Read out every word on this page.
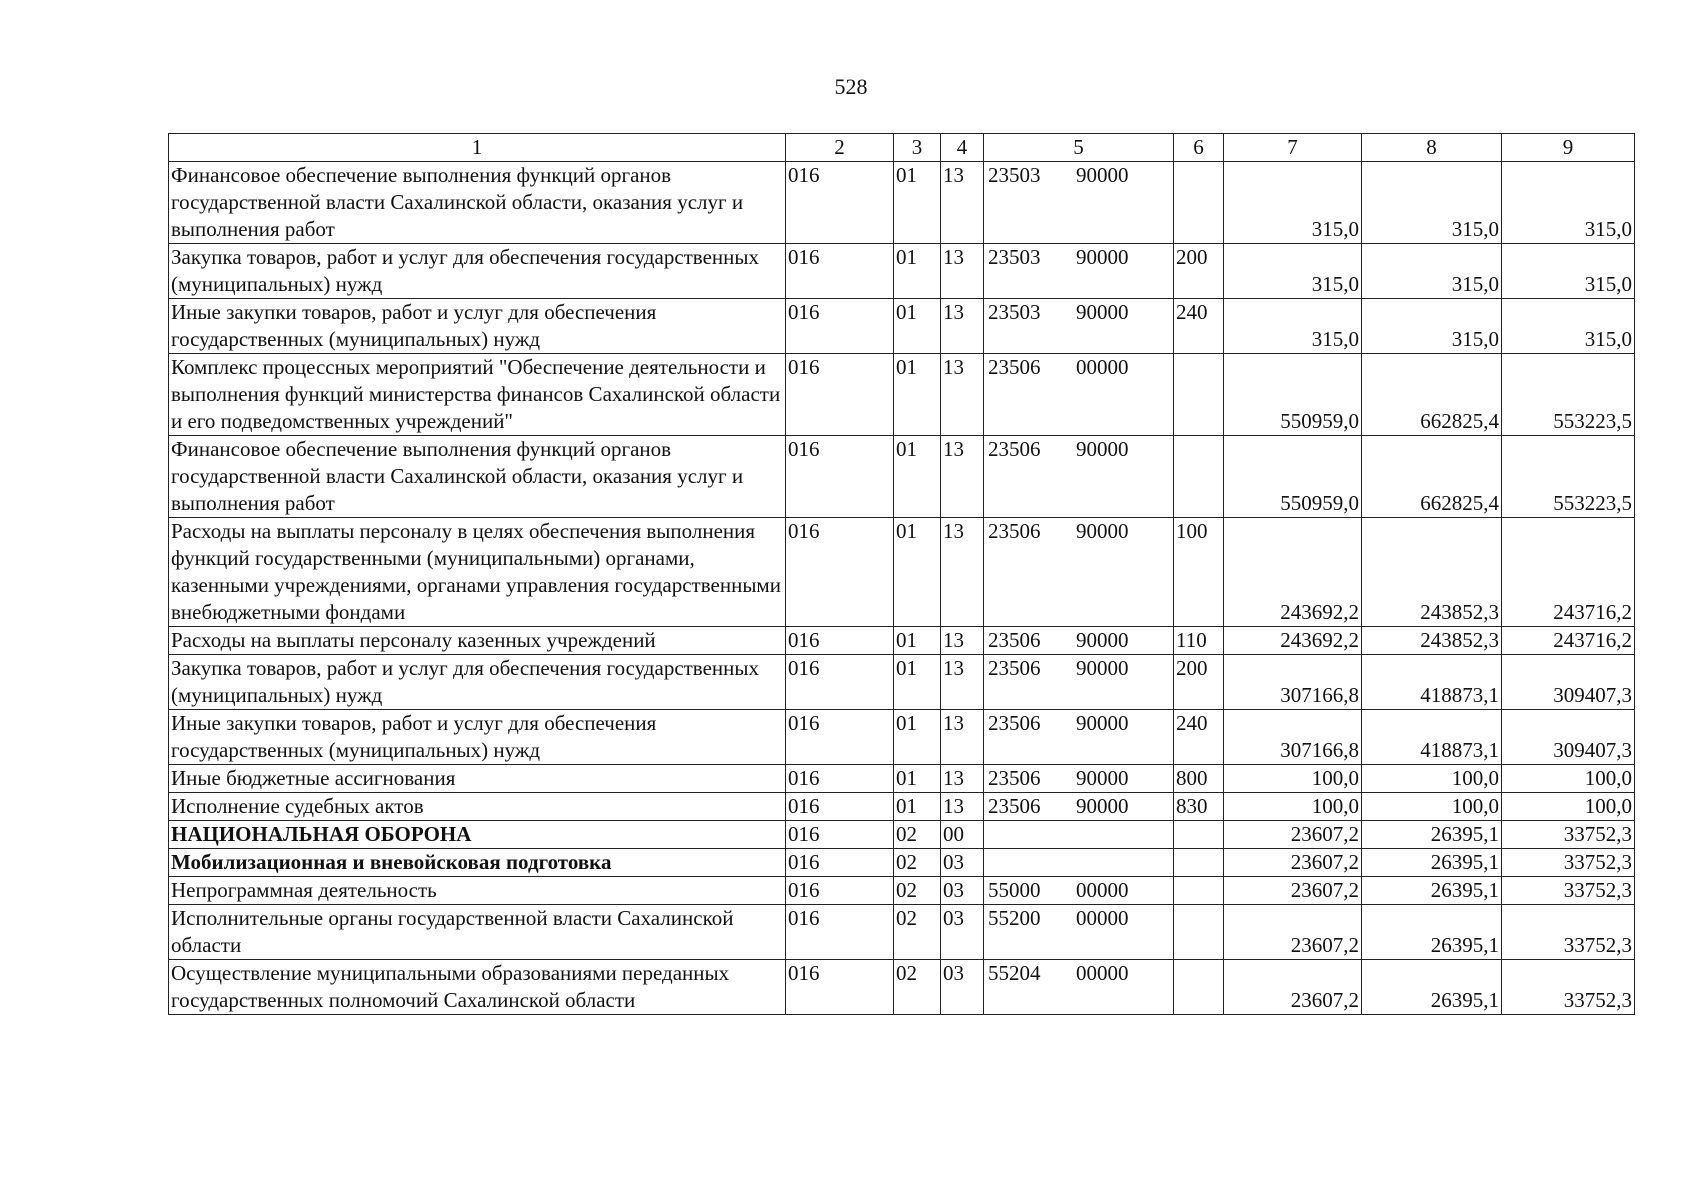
528
1	2	3	4	5	6	7	8	9
Финансовое обеспечение выполнения функций органов государственной власти Сахалинской области, оказания услуг и выполнения работ	016	01	13	23503 90000		315,0	315,0	315,0
Закупка товаров, работ и услуг для обеспечения государственных (муниципальных) нужд	016	01	13	23503 90000	200	315,0	315,0	315,0
Иные закупки товаров, работ и услуг для обеспечения государственных (муниципальных) нужд	016	01	13	23503 90000	240	315,0	315,0	315,0
Комплекс процессных мероприятий "Обеспечение деятельности и выполнения функций министерства финансов Сахалинской области и его подведомственных учреждений"	016	01	13	23506 00000		550959,0	662825,4	553223,5
Финансовое обеспечение выполнения функций органов государственной власти Сахалинской области, оказания услуг и выполнения работ	016	01	13	23506 90000		550959,0	662825,4	553223,5
Расходы на выплаты персоналу в целях обеспечения выполнения функций государственными (муниципальными) органами, казенными учреждениями, органами управления государственными внебюджетными фондами	016	01	13	23506 90000	100	243692,2	243852,3	243716,2
Расходы на выплаты персоналу казенных учреждений	016	01	13	23506 90000	110	243692,2	243852,3	243716,2
Закупка товаров, работ и услуг для обеспечения государственных (муниципальных) нужд	016	01	13	23506 90000	200	307166,8	418873,1	309407,3
Иные закупки товаров, работ и услуг для обеспечения государственных (муниципальных) нужд	016	01	13	23506 90000	240	307166,8	418873,1	309407,3
Иные бюджетные ассигнования	016	01	13	23506 90000	800	100,0	100,0	100,0
Исполнение судебных актов	016	01	13	23506 90000	830	100,0	100,0	100,0
НАЦИОНАЛЬНАЯ ОБОРОНА	016	02	00			23607,2	26395,1	33752,3
Мобилизационная и вневойсковая подготовка	016	02	03			23607,2	26395,1	33752,3
Непрограммная деятельность	016	02	03	55000 00000		23607,2	26395,1	33752,3
Исполнительные органы государственной власти Сахалинской области	016	02	03	55200 00000		23607,2	26395,1	33752,3
Осуществление муниципальными образованиями переданных государственных полномочий Сахалинской области	016	02	03	55204 00000		23607,2	26395,1	33752,3
